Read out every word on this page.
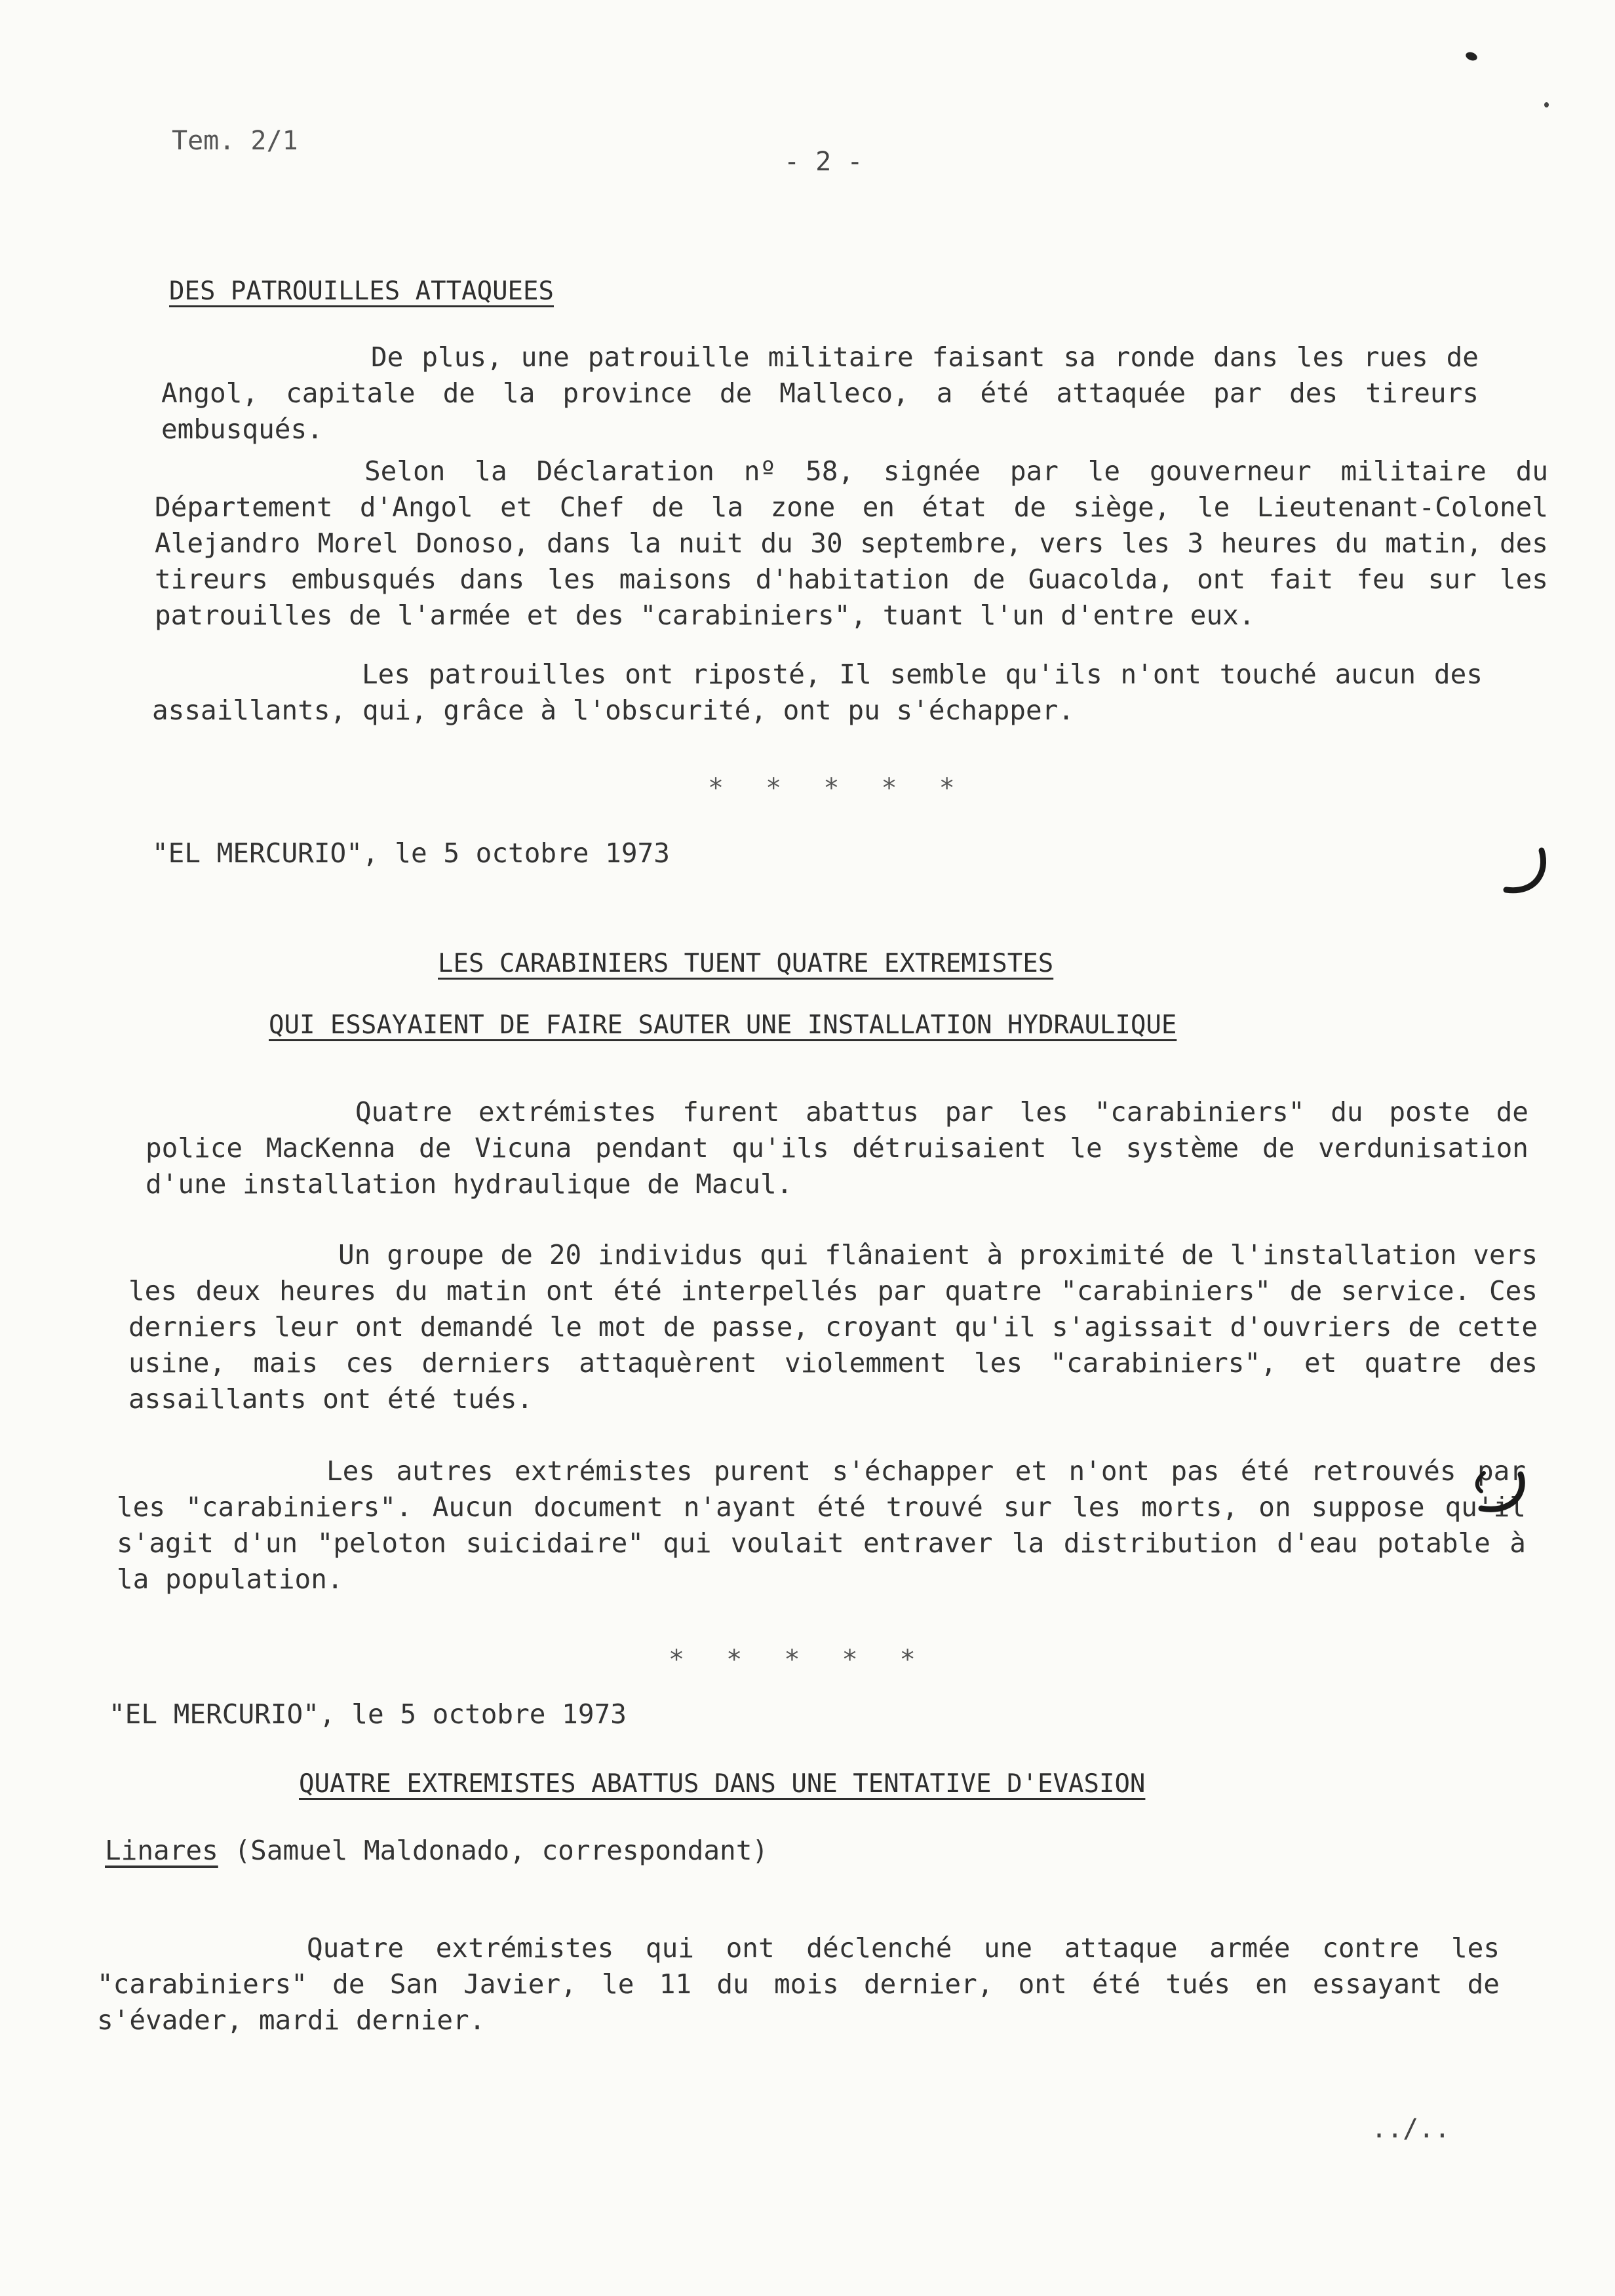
Tem. 2/1
- 2 -
DES PATROUILLES ATTAQUEES
De plus, une patrouille militaire faisant sa ronde dans les rues de Angol, capitale de la province de Malleco, a été attaquée par des tireurs embusqués.
Selon la Déclaration nº 58, signée par le gouverneur militaire du Département d'Angol et Chef de la zone en état de siège, le Lieutenant-Colonel Alejandro Morel Donoso, dans la nuit du 30 septembre, vers les 3 heures du matin, des tireurs embusqués dans les maisons d'habitation de Guacolda, ont fait feu sur les patrouilles de l'armée et des "carabiniers", tuant l'un d'entre eux.
Les patrouilles ont riposté, Il semble qu'ils n'ont touché aucun des assaillants, qui, grâce à l'obscurité, ont pu s'échapper.
* * * * *
"EL MERCURIO", le 5 octobre 1973
LES CARABINIERS TUENT QUATRE EXTREMISTES
QUI ESSAYAIENT DE FAIRE SAUTER UNE INSTALLATION HYDRAULIQUE
Quatre extrémistes furent abattus par les "carabiniers" du poste de police MacKenna de Vicuna pendant qu'ils détruisaient le système de verdunisation d'une installation hydraulique de Macul.
Un groupe de 20 individus qui flânaient à proximité de l'installation vers les deux heures du matin ont été interpellés par quatre "carabiniers" de service. Ces derniers leur ont demandé le mot de passe, croyant qu'il s'agissait d'ouvriers de cette usine, mais ces derniers attaquèrent violemment les "carabiniers", et quatre des assaillants ont été tués.
Les autres extrémistes purent s'échapper et n'ont pas été retrouvés par les "carabiniers". Aucun document n'ayant été trouvé sur les morts, on suppose qu'il s'agit d'un "peloton suicidaire" qui voulait entraver la distribution d'eau potable à la population.
* * * * *
"EL MERCURIO", le 5 octobre 1973
QUATRE EXTREMISTES ABATTUS DANS UNE TENTATIVE D'EVASION
Linares (Samuel Maldonado, correspondant)
Quatre extrémistes qui ont déclenché une attaque armée contre les "carabiniers" de San Javier, le 11 du mois dernier, ont été tués en essayant de s'évader, mardi dernier.
../..
